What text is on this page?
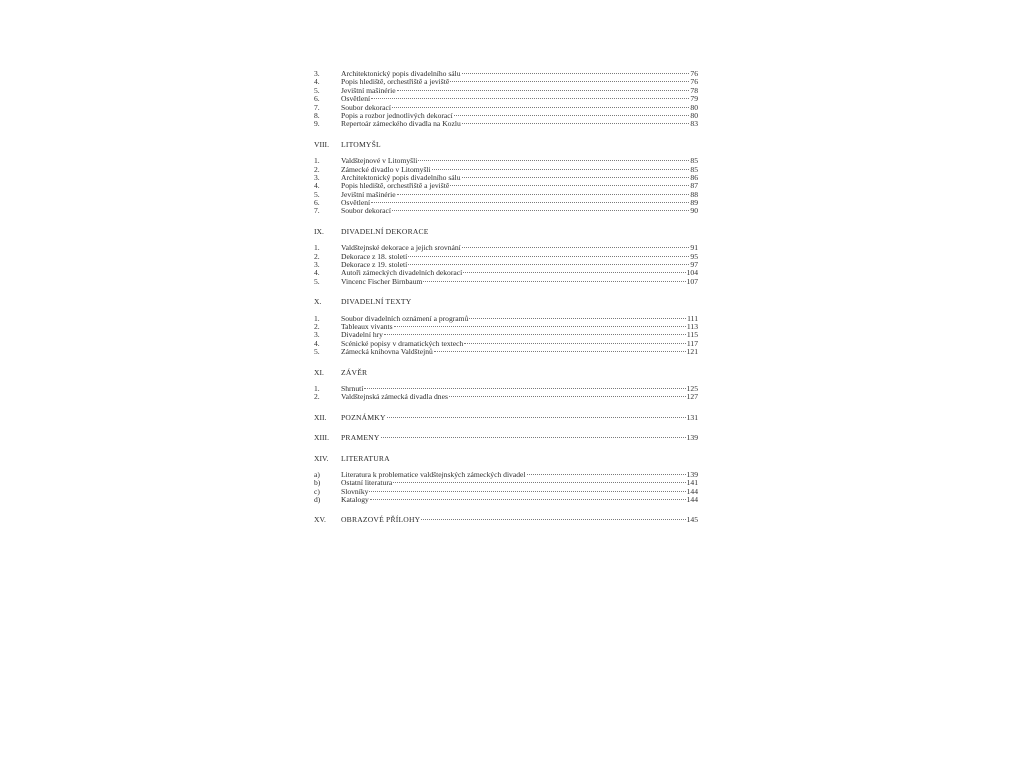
3.	Architektonický popis divadelního sálu	76
4.	Popis hlediště, orchestřiště a jeviště	76
5.	Jevištní mašinérie	78
6.	Osvětlení	79
7.	Soubor dekorací	80
8.	Popis a rozbor jednotlivých dekorací	80
9.	Repertoár zámeckého divadla na Kozlu	83
VIII.	LITOMYŠL
1.	Valdštejnové v Litomyšli	85
2.	Zámecké divadlo v Litomyšli	85
3.	Architektonický popis divadelního sálu	86
4.	Popis hlediště, orchestřiště a jeviště	87
5.	Jevištní mašinérie	88
6.	Osvětlení	89
7.	Soubor dekorací	90
IX.	DIVADELNÍ DEKORACE
1.	Valdštejnské dekorace a jejich srovnání	91
2.	Dekorace z 18. století	95
3.	Dekorace z 19. století	97
4.	Autoři zámeckých divadelních dekorací	104
5.	Vincenc Fischer Birnbaum	107
X.	DIVADELNÍ TEXTY
1.	Soubor divadelních oznámení a programů	111
2.	Tableaux vivants	113
3.	Divadelní hry	115
4.	Scénické popisy v dramatických textech	117
5.	Zámecká knihovna Valdštejnů	121
XI.	ZÁVĚR
1.	Shrnutí	125
2.	Valdštejnská zámecká divadla dnes	127
XII.	POZNÁMKY	131
XIII.	PRAMENY	139
XIV.	LITERATURA
a)	Literatura k problematice valdštejnských zámeckých divadel	139
b)	Ostatní literatura	141
c)	Slovníky	144
d)	Katalogy	144
XV.	OBRAZOVÉ PŘÍLOHY	145
